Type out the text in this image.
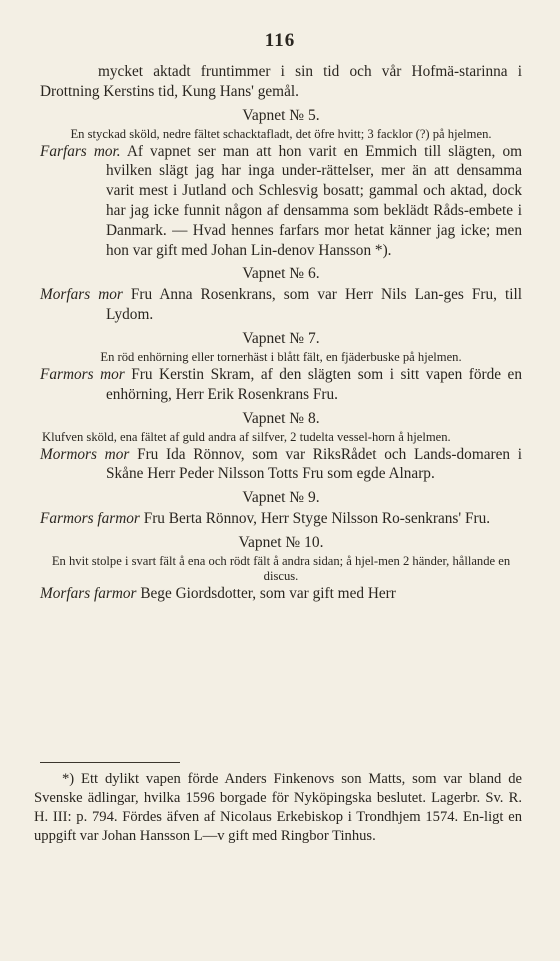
116

mycket aktadt fruntimmer i sin tid och vår Hofmä-starinna i Drottning Kerstins tid, Kung Hans' gemål.

Vapnet № 5.
En styckad sköld, nedre fältet schacktafladt, det öfre hvitt; 3 facklor (?) på hjelmen.

Farfars mor. Af vapnet ser man att hon varit en Emmich till slägten, om hvilken slägt jag har inga under-rättelser, mer än att densamma varit mest i Jutland och Schlesvig bosatt; gammal och aktad, dock har jag icke funnit någon af densamma som beklädt Råds-embete i Danmark. — Hvad hennes farfars mor hetat känner jag icke; men hon var gift med Johan Lin-denov Hansson *).

Vapnet № 6.

Morfars mor Fru Anna Rosenkrans, som var Herr Nils Lan-ges Fru, till Lydom.

Vapnet № 7.
En röd enhörning eller tornerhäst i blått fält, en fjäderbuske på hjelmen.

Farmors mor Fru Kerstin Skram, af den slägten som i sitt vapen förde en enhörning, Herr Erik Rosenkrans Fru.

Vapnet № 8.
Klufven sköld, ena fältet af guld andra af silfver, 2 tudelta vessel-horn å hjelmen.

Mormors mor Fru Ida Rönnov, som var RiksRådet och Lands-domaren i Skåne Herr Peder Nilsson Totts Fru som egde Alnarp.

Vapnet № 9.

Farmors farmor Fru Berta Rönnov, Herr Stygе Nilsson Ro-senkrans' Fru.

Vapnet № 10.
En hvit stolpe i svart fält å ena och rödt fält å andra sidan; å hjel-men 2 händer, hållande en discus.

Morfars farmor Bege Giordsdotter, som var gift med Herr

*) Ett dylikt vapen förde Anders Finkenovs son Matts, som var bland de Svenske ädlingar, hvilka 1596 borgade för Nyköpingska beslutet. Lagerbr. Sv. R. H. III: p. 794. Fördes äfven af Nicolaus Erkebiskop i Trondhjem 1574. En-ligt en uppgift var Johan Hansson L—v gift med Ringbor Tinhus.
